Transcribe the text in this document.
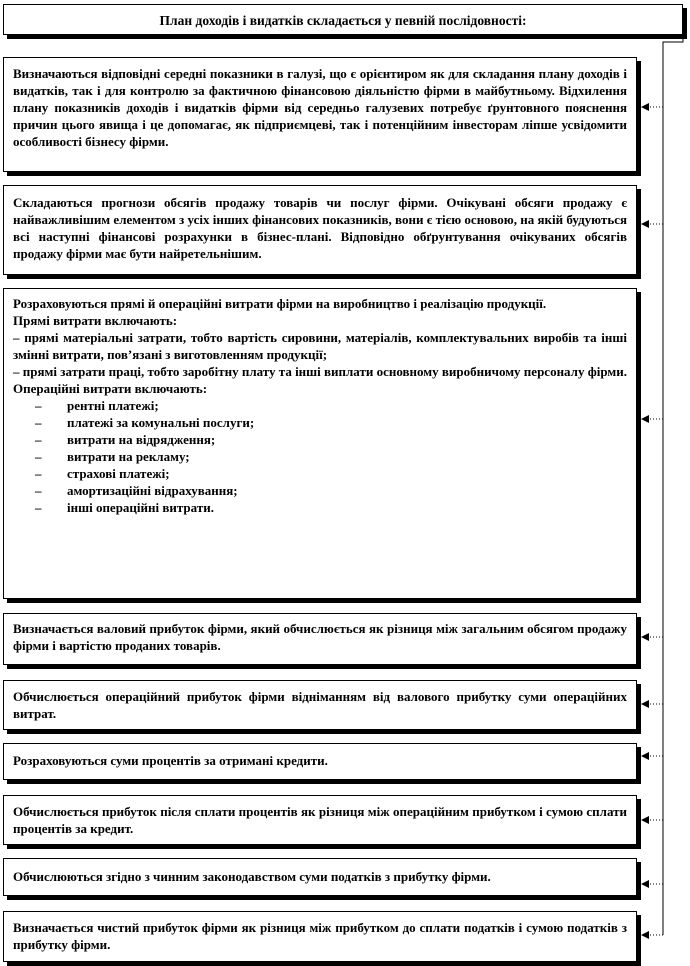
План доходів і видатків складається у певній послідовності:
Визначаються відповідні середні показники в галузі, що є орієнтиром як для складання плану доходів і видатків, так і для контролю за фактичною фінансовою діяльністю фірми в майбутньому. Відхилення плану показників доходів і видатків фірми від середньо галузевих потребує ґрунтовного пояснення причин цього явища і це допомагає, як підприємцеві, так і потенційним інвесторам ліпше усвідомити особливості бізнесу фірми.
Складаються прогнози обсягів продажу товарів чи послуг фірми. Очікувані обсяги продажу є найважливішим елементом з усіх інших фінансових показників, вони є тією основою, на якій будуються всі наступні фінансові розрахунки в бізнес-плані. Відповідно обґрунтування очікуваних обсягів продажу фірми має бути найретельнішим.
Розраховуються прямі й операційні витрати фірми на виробництво і реалізацію продукції.
Прямі витрати включають:
– прямі матеріальні затрати, тобто вартість сировини, матеріалів, комплектувальних виробів та інші змінні витрати, пов’язані з виготовленням продукції;
– прямі затрати праці, тобто заробітну плату та інші виплати основному виробничому персоналу фірми.
Операційні витрати включають:
– рентні платежі;
– платежі за комунальні послуги;
– витрати на відрядження;
– витрати на рекламу;
– страхові платежі;
– амортизаційні відрахування;
– інші операційні витрати.
Визначається валовий прибуток фірми, який обчислюється як різниця між загальним обсягом продажу фірми і вартістю проданих товарів.
Обчислюється операційний прибуток фірми відніманням від валового прибутку суми операційних витрат.
Розраховуються суми процентів за отримані кредити.
Обчислюється прибуток після сплати процентів як різниця між операційним прибутком і сумою сплати процентів за кредит.
Обчислюються згідно з чинним законодавством суми податків з прибутку фірми.
Визначається чистий прибуток фірми як різниця між прибутком до сплати податків і сумою податків з прибутку фірми.
